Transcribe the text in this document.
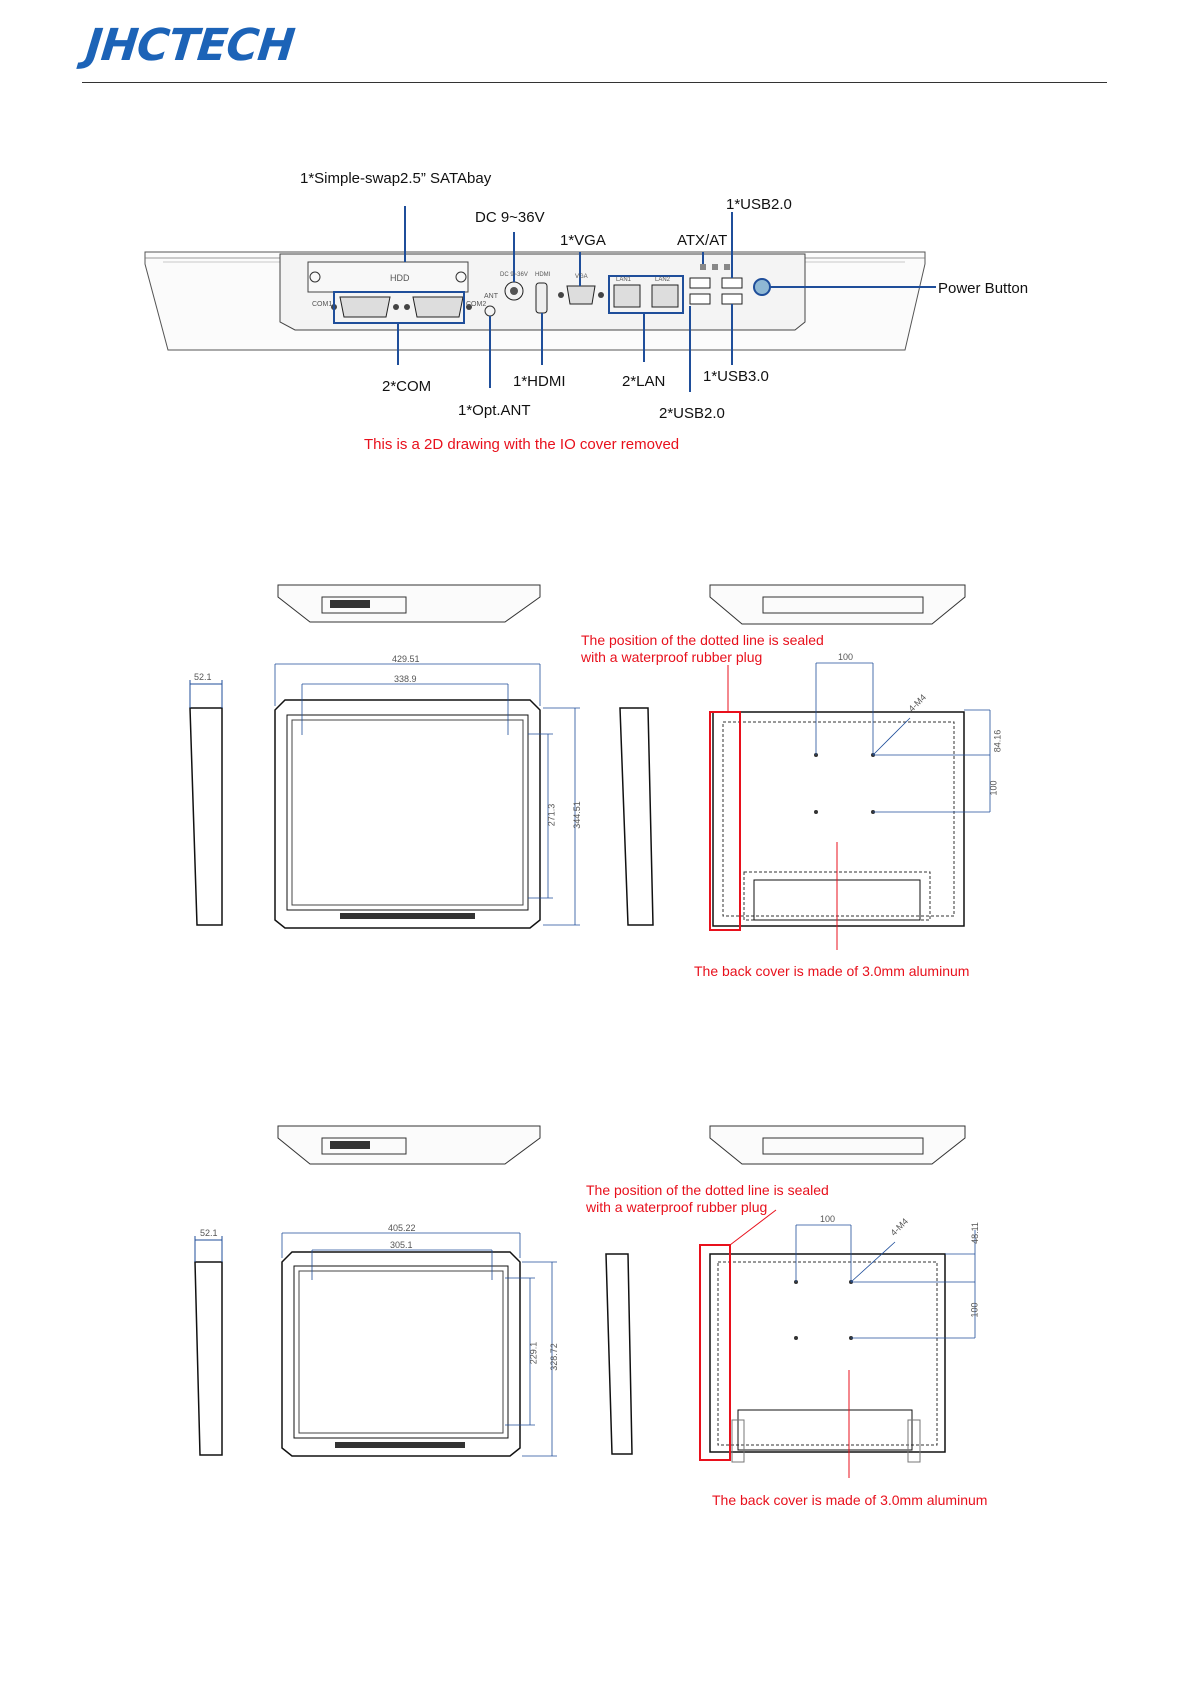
JHCTECH
HDD
COM1	COM2
ANT
DC 9~36V HDMI	VGA	LAN1	LAN2
1*Simple-swap2.5” SATAbay
DC 9~36V
1*VGA
1*USB2.0
ATX/AT
Power Button
2*COM
1*Opt.ANT
1*HDMI	2*LAN	1*USB3.0
2*USB2.0
This is a 2D drawing with the IO cover removed
52.1
429.51
338.9
271.3 344.51
100
4-M4
84.16
100
The position of the dotted line is sealed
with a waterproof rubber plug
The back cover is made of 3.0mm aluminum
52.1	405.22
305.1
229.1 328.72
100	4-M4	48.11
100
The position of the dotted line is sealed
with a waterproof rubber plug
The back cover is made of 3.0mm aluminum
